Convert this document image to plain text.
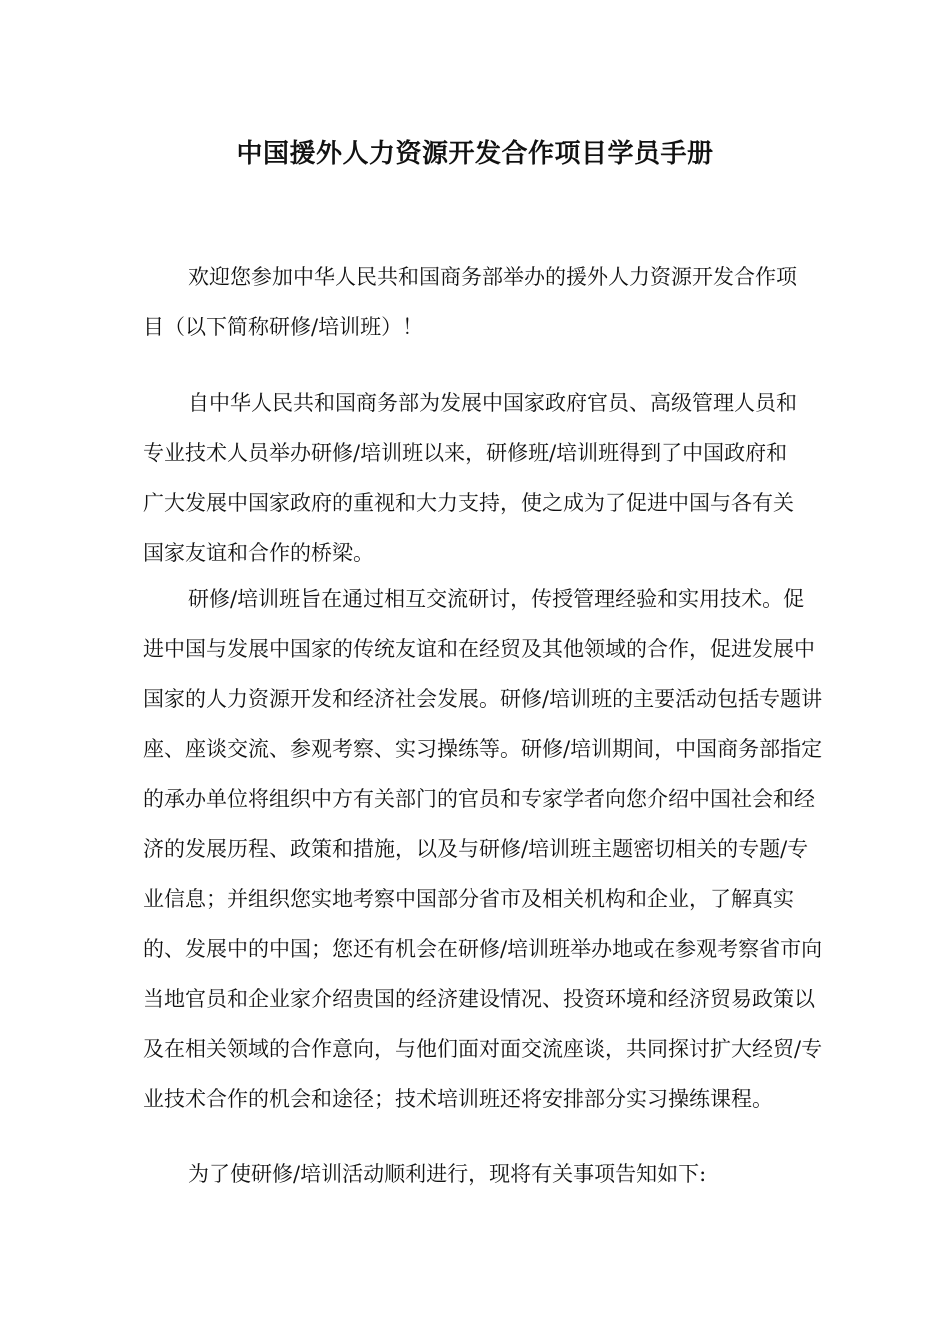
中国援外人力资源开发合作项目学员手册

欢迎您参加中华人民共和国商务部举办的援外人力资源开发合作项目（以下简称研修/培训班）！

自中华人民共和国商务部为发展中国家政府官员、高级管理人员和专业技术人员举办研修/培训班以来，研修班/培训班得到了中国政府和广大发展中国家政府的重视和大力支持，使之成为了促进中国与各有关国家友谊和合作的桥梁。

研修/培训班旨在通过相互交流研讨，传授管理经验和实用技术。促进中国与发展中国家的传统友谊和在经贸及其他领域的合作，促进发展中国家的人力资源开发和经济社会发展。研修/培训班的主要活动包括专题讲座、座谈交流、参观考察、实习操练等。研修/培训期间，中国商务部指定的承办单位将组织中方有关部门的官员和专家学者向您介绍中国社会和经济的发展历程、政策和措施，以及与研修/培训班主题密切相关的专题/专业信息；并组织您实地考察中国部分省市及相关机构和企业，了解真实的、发展中的中国；您还有机会在研修/培训班举办地或在参观考察省市向当地官员和企业家介绍贵国的经济建设情况、投资环境和经济贸易政策以及在相关领域的合作意向，与他们面对面交流座谈，共同探讨扩大经贸/专业技术合作的机会和途径；技术培训班还将安排部分实习操练课程。

为了使研修/培训活动顺利进行，现将有关事项告知如下:
